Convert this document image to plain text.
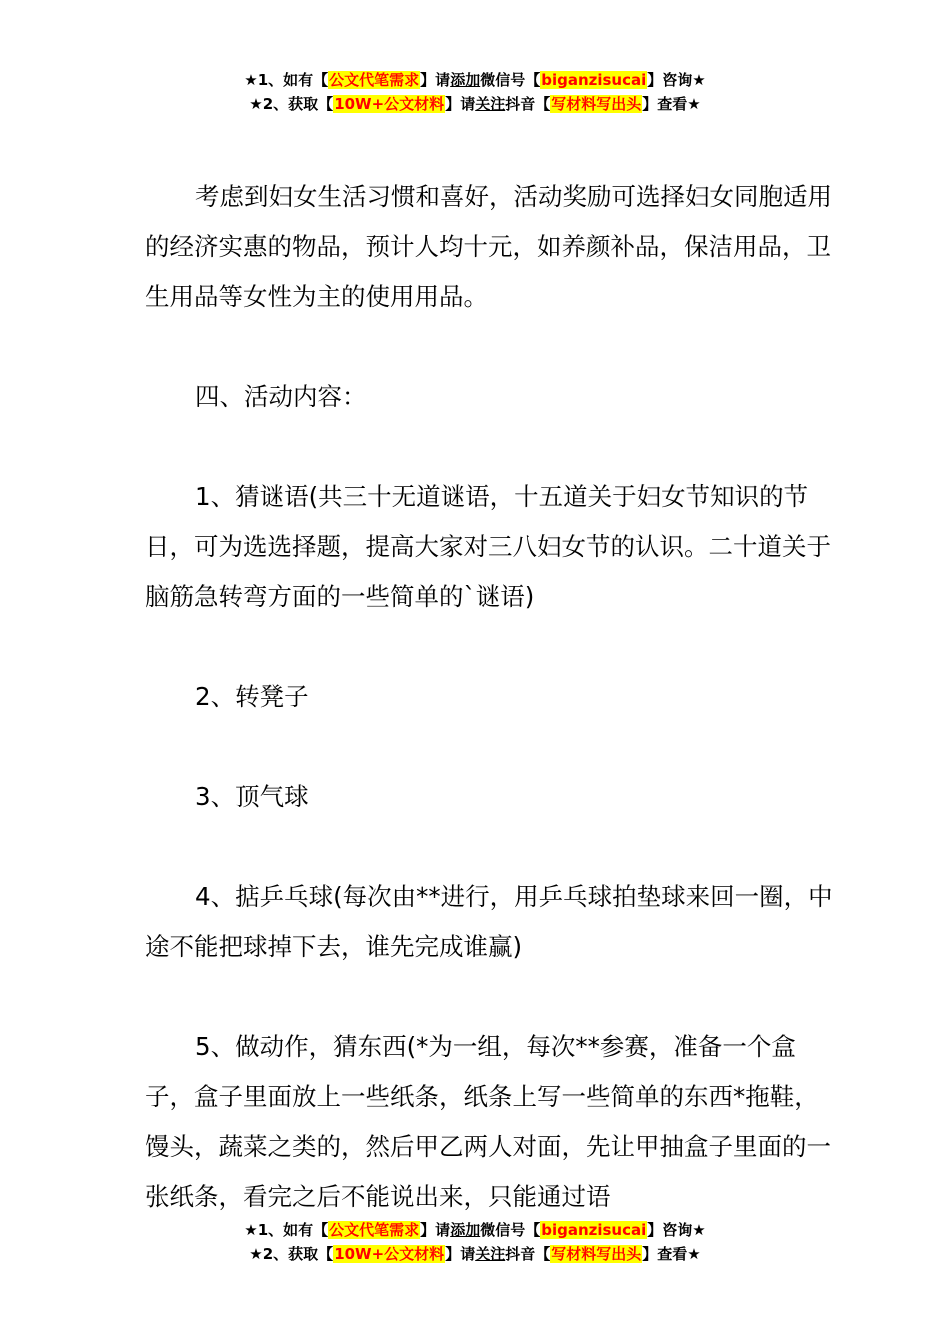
★1、如有【公文代笔需求】请添加微信号【biganzisucai】咨询★
★2、获取【10W+公文材料】请关注抖音【写材料写出头】查看★

考虑到妇女生活习惯和喜好，活动奖励可选择妇女同胞适用的经济实惠的物品，预计人均十元，如养颜补品，保洁用品，卫生用品等女性为主的使用用品。

四、活动内容：

1、猜谜语(共三十无道谜语，十五道关于妇女节知识的节日，可为选选择题，提高大家对三八妇女节的认识。二十道关于脑筋急转弯方面的一些简单的`谜语)

2、转凳子

3、顶气球

4、掂乒乓球(每次由**进行，用乒乓球拍垫球来回一圈，中途不能把球掉下去，谁先完成谁赢)

5、做动作，猜东西(*为一组，每次**参赛，准备一个盒子，盒子里面放上一些纸条，纸条上写一些简单的东西*拖鞋，馒头，蔬菜之类的，然后甲乙两人对面，先让甲抽盒子里面的一张纸条，看完之后不能说出来，只能通过语

★1、如有【公文代笔需求】请添加微信号【biganzisucai】咨询★
★2、获取【10W+公文材料】请关注抖音【写材料写出头】查看★
